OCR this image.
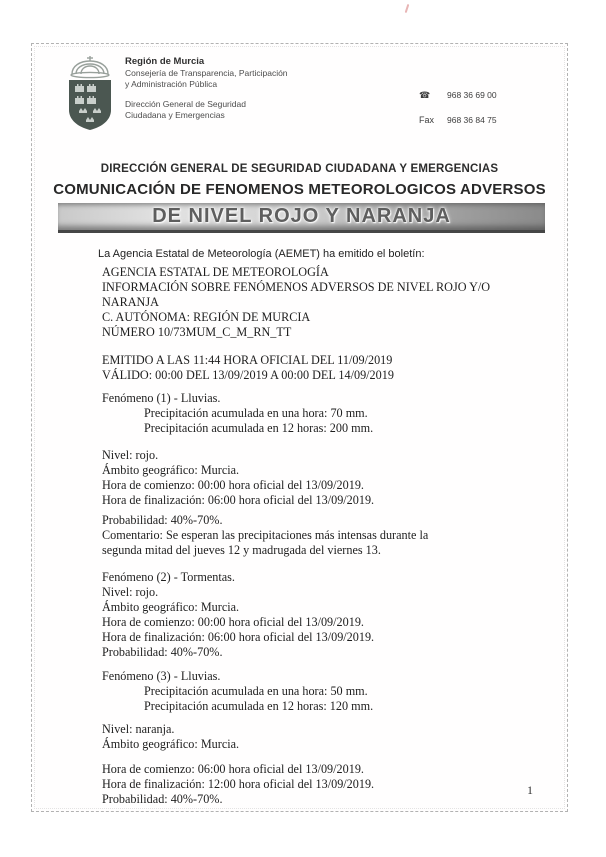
Región de Murcia
Consejería de Transparencia, Participación
y Administración Pública
Dirección General de Seguridad
Ciudadana y Emergencias
☎	968 36 69 00
Fax	968 36 84 75
DIRECCIÓN GENERAL DE SEGURIDAD CIUDADANA Y EMERGENCIAS
COMUNICACIÓN DE FENOMENOS METEOROLOGICOS ADVERSOS
DE NIVEL ROJO Y NARANJA
La Agencia Estatal de Meteorología (AEMET) ha emitido el boletín:
AGENCIA ESTATAL DE METEOROLOGÍA
INFORMACIÓN SOBRE FENÓMENOS ADVERSOS DE NIVEL ROJO Y/O NARANJA
C. AUTÓNOMA: REGIÓN DE MURCIA
NÚMERO 10/73MUM_C_M_RN_TT
EMITIDO A LAS 11:44 HORA OFICIAL DEL 11/09/2019
VÁLIDO: 00:00 DEL 13/09/2019 A 00:00 DEL 14/09/2019
Fenómeno (1) - Lluvias.
Precipitación acumulada en una hora: 70 mm.
Precipitación acumulada en 12 horas: 200 mm.
Nivel: rojo.
Ámbito geográfico: Murcia.
Hora de comienzo: 00:00 hora oficial del 13/09/2019.
Hora de finalización: 06:00 hora oficial del 13/09/2019.
Probabilidad: 40%-70%.
Comentario: Se esperan las precipitaciones más intensas durante la
segunda mitad del jueves 12 y madrugada del viernes 13.
Fenómeno (2) - Tormentas.
Nivel: rojo.
Ámbito geográfico: Murcia.
Hora de comienzo: 00:00 hora oficial del 13/09/2019.
Hora de finalización: 06:00 hora oficial del 13/09/2019.
Probabilidad: 40%-70%.
Fenómeno (3) - Lluvias.
Precipitación acumulada en una hora: 50 mm.
Precipitación acumulada en 12 horas: 120 mm.
Nivel: naranja.
Ámbito geográfico: Murcia.
Hora de comienzo: 06:00 hora oficial del 13/09/2019.
Hora de finalización: 12:00 hora oficial del 13/09/2019.
Probabilidad: 40%-70%.
1
